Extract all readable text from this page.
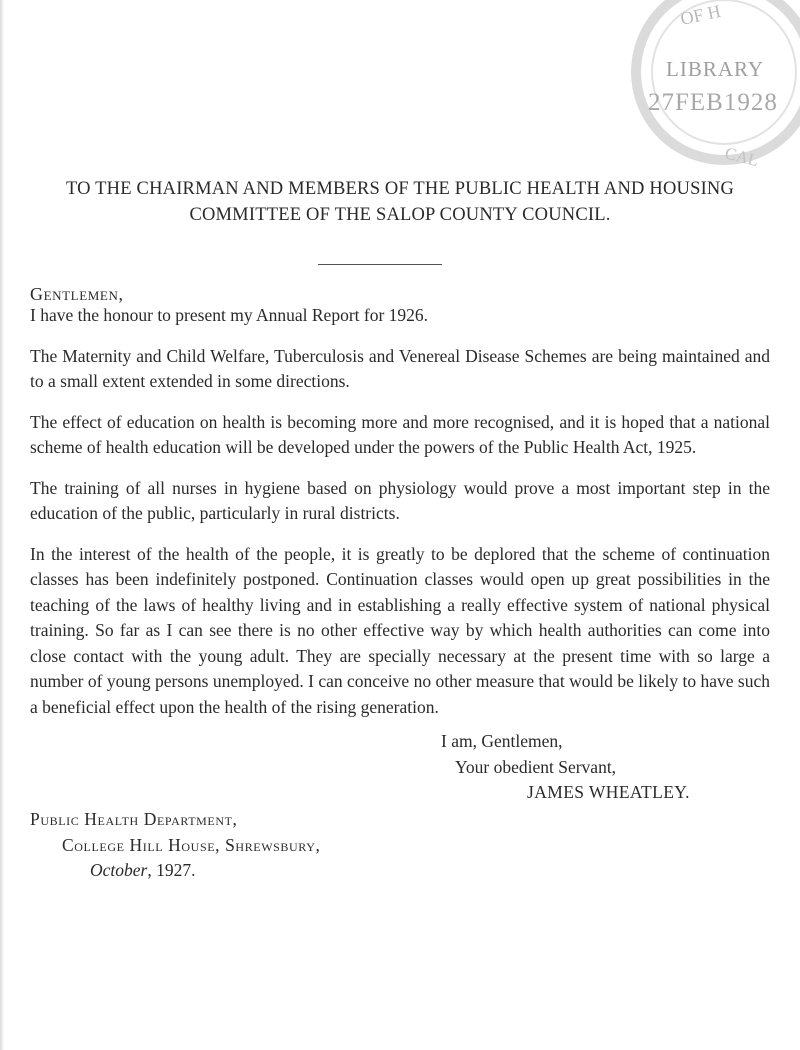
OF H
LIBRARY
27FEB1928
CAL
TO THE CHAIRMAN AND MEMBERS OF THE PUBLIC HEALTH AND HOUSING
COMMITTEE OF THE SALOP COUNTY COUNCIL.
Gentlemen,

I have the honour to present my Annual Report for 1926.

The Maternity and Child Welfare, Tuberculosis and Venereal Disease Schemes are being maintained and to a small extent extended in some directions.

The effect of education on health is becoming more and more recognised, and it is hoped that a national scheme of health education will be developed under the powers of the Public Health Act, 1925.

The training of all nurses in hygiene based on physiology would prove a most important step in the education of the public, particularly in rural districts.

In the interest of the health of the people, it is greatly to be deplored that the scheme of continuation classes has been indefinitely postponed. Continuation classes would open up great possibilities in the teaching of the laws of healthy living and in establishing a really effective system of national physical training. So far as I can see there is no other effective way by which health authorities can come into close contact with the young adult. They are specially necessary at the present time with so large a number of young persons unemployed. I can conceive no other measure that would be likely to have such a beneficial effect upon the health of the rising generation.

I am, Gentlemen,
Your obedient Servant,
JAMES WHEATLEY.
Public Health Department,
College Hill House, Shrewsbury,
October, 1927.
